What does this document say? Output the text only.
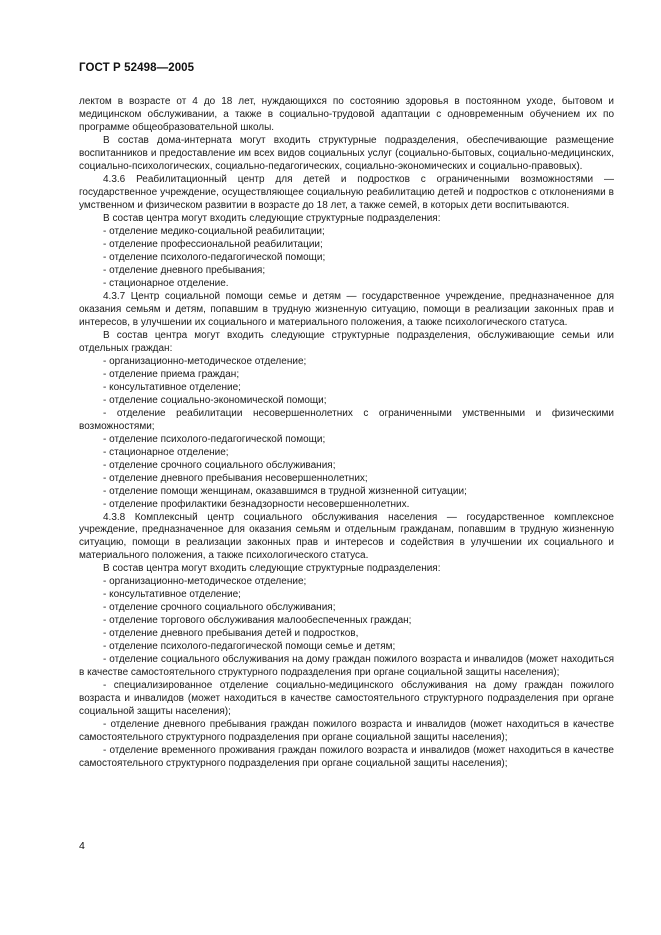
ГОСТ Р 52498—2005

лектом в возрасте от 4 до 18 лет, нуждающихся по состоянию здоровья в постоянном уходе, бытовом и медицинском обслуживании, а также в социально-трудовой адаптации с одновременным обучением их по программе общеобразовательной школы.

В состав дома-интерната могут входить структурные подразделения, обеспечивающие размещение воспитанников и предоставление им всех видов социальных услуг (социально-бытовых, социально-медицинских, социально-психологических, социально-педагогических, социально-экономических и социально-правовых).

4.3.6 Реабилитационный центр для детей и подростков с ограниченными возможностями — государственное учреждение, осуществляющее социальную реабилитацию детей и подростков с отклонениями в умственном и физическом развитии в возрасте до 18 лет, а также семей, в которых дети воспитываются.

В состав центра могут входить следующие структурные подразделения:

- отделение медико-социальной реабилитации;

- отделение профессиональной реабилитации;

- отделение психолого-педагогической помощи;

- отделение дневного пребывания;

- стационарное отделение.

4.3.7 Центр социальной помощи семье и детям — государственное учреждение, предназначенное для оказания семьям и детям, попавшим в трудную жизненную ситуацию, помощи в реализации законных прав и интересов, в улучшении их социального и материального положения, а также психологического статуса.

В состав центра могут входить следующие структурные подразделения, обслуживающие семьи или отдельных граждан:

- организационно-методическое отделение;

- отделение приема граждан;

- консультативное отделение;

- отделение социально-экономической помощи;

- отделение реабилитации несовершеннолетних с ограниченными умственными и физическими возможностями;

- отделение психолого-педагогической помощи;

- стационарное отделение;

- отделение срочного социального обслуживания;

- отделение дневного пребывания несовершеннолетних;

- отделение помощи женщинам, оказавшимся в трудной жизненной ситуации;

- отделение профилактики безнадзорности несовершеннолетних.

4.3.8 Комплексный центр социального обслуживания населения — государственное комплексное учреждение, предназначенное для оказания семьям и отдельным гражданам, попавшим в трудную жизненную ситуацию, помощи в реализации законных прав и интересов и содействия в улучшении их социального и материального положения, а также психологического статуса.

В состав центра могут входить следующие структурные подразделения:

- организационно-методическое отделение;

- консультативное отделение;

- отделение срочного социального обслуживания;

- отделение торгового обслуживания малообеспеченных граждан;

- отделение дневного пребывания детей и подростков,

- отделение психолого-педагогической помощи семье и детям;

- отделение социального обслуживания на дому граждан пожилого возраста и инвалидов (может находиться в качестве самостоятельного структурного подразделения при органе социальной защиты населения);

- специализированное отделение социально-медицинского обслуживания на дому граждан пожилого возраста и инвалидов (может находиться в качестве самостоятельного структурного подразделения при органе социальной защиты населения);

- отделение дневного пребывания граждан пожилого возраста и инвалидов (может находиться в качестве самостоятельного структурного подразделения при органе социальной защиты населения);

- отделение временного проживания граждан пожилого возраста и инвалидов (может находиться в качестве самостоятельного структурного подразделения при органе социальной защиты населения);

4
